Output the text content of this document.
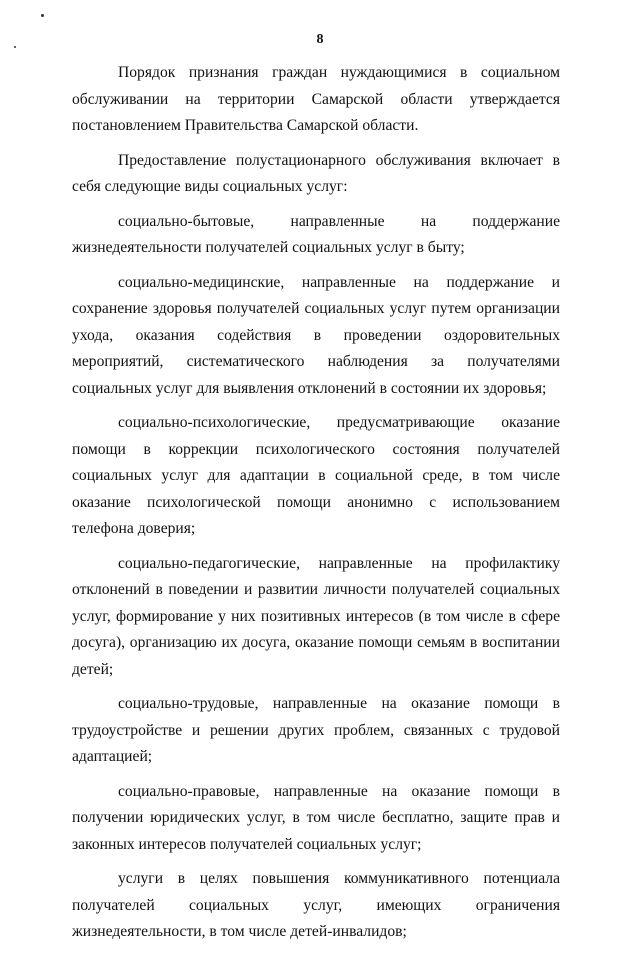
8

Порядок признания граждан нуждающимися в социальном обслуживании на территории Самарской области утверждается постановлением Правительства Самарской области.

Предоставление полустационарного обслуживания включает в себя следующие виды социальных услуг:

социально-бытовые, направленные на поддержание жизнедеятельности получателей социальных услуг в быту;

социально-медицинские, направленные на поддержание и сохранение здоровья получателей социальных услуг путем организации ухода, оказания содействия в проведении оздоровительных мероприятий, систематического наблюдения за получателями социальных услуг для выявления отклонений в состоянии их здоровья;

социально-психологические, предусматривающие оказание помощи в коррекции психологического состояния получателей социальных услуг для адаптации в социальной среде, в том числе оказание психологической помощи анонимно с использованием телефона доверия;

социально-педагогические, направленные на профилактику отклонений в поведении и развитии личности получателей социальных услуг, формирование у них позитивных интересов (в том числе в сфере досуга), организацию их досуга, оказание помощи семьям в воспитании детей;

социально-трудовые, направленные на оказание помощи в трудоустройстве и решении других проблем, связанных с трудовой адаптацией;

социально-правовые, направленные на оказание помощи в получении юридических услуг, в том числе бесплатно, защите прав и законных интересов получателей социальных услуг;

услуги в целях повышения коммуникативного потенциала получателей социальных услуг, имеющих ограничения жизнедеятельности, в том числе детей-инвалидов;
